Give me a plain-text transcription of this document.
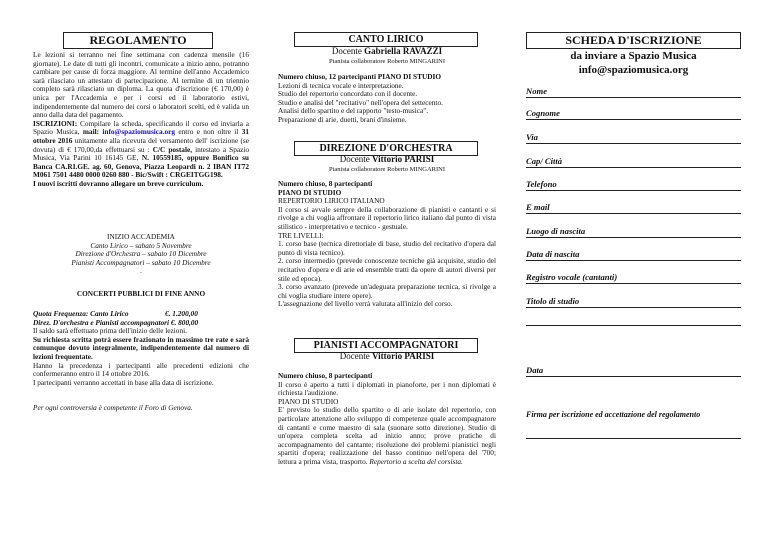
REGOLAMENTO

Le lezioni si terranno nei fine settimana con cadenza mensile (16 giornate). Le date di tutti gli incontri, comunicate a inizio anno, potranno cambiare per cause di forza maggiore. Al termine dell'anno Accademico sarà rilasciato un attestato di partecipazione. Al termine di un triennio completo sarà rilasciato un diploma. La quota d'iscrizione (€ 170,00) è unica per l'Accademia e per i corsi ed il laboratorio estivi, indipendentemente dal numero dei corsi o laboratori scelti, ed è valida un anno dalla data del pagamento.

ISCRIZIONI: Compilare la scheda, specificando il corso ed inviarla a Spazio Musica, mail: info@spaziomusica.org entro e non oltre il 31 ottobre 2016 unitamente alla ricevuta del versamento dell' iscrizione (se dovuta) di € 170,00,da effettuarsi su : C/C postale, intestato a Spazio Musica, Via Parini 10 16145 GE, N. 10559185, oppure Bonifico su Banca CA.RI.GE. ag. 60, Genova, Piazza Leopardi n. 2 IBAN IT72 M061 7501 4480 0000 0260 880 - Bic/Swift : CRGEITGG198.

I nuovi iscritti dovranno allegare un breve curriculum.

INIZIO ACCADEMIA

Canto Lirico – sabato 5 Novembre

Direzione d'Orchestra – sabato 10 Dicembre

Pianisti Accompagnatori – sabato 10 Dicembre

.

CONCERTI PUBBLICI DI FINE ANNO

Quota Frequenza: Canto Lirico	€. 1.200,00

Direz. D'orchestra e Pianisti accompagnatori €. 800,00

Il saldo sarà effettuato prima dell'inizio delle lezioni.

Su richiesta scritta potrà essere frazionato in massimo tre rate e sarà comunque dovuto integralmente, indipendentemente dal numero di lezioni frequentate.

Hanno la precedenza i partecipanti alle precedenti edizioni che confermeranno entro il 14 ottobre 2016.

I partecipanti verranno accettati in base alla data di iscrizione.

Per ogni controversia è competente il Foro di Genova.
CANTO LIRICO
Docente Gabriella RAVAZZI
Pianista collaboratore Roberto MINGARINI

Numero chiuso, 12 partecipanti PIANO DI STUDIO

Lezioni di tecnica vocale e interpretazione.

Studio del repertorio concordato con il docente.

Studio e analisi del "recitativo" nell'opera del settecento.

Analisi dello spartito e del rapporto "testo-musica".

Preparazione di arie, duetti, brani d'insieme.

DIREZIONE D'ORCHESTRA
Docente Vittorio PARISI
Pianista collaboratore Roberto MINGARINI

Numero chiuso, 8 partecipanti

PIANO DI STUDIO

REPERTORIO LIRICO ITALIANO

Il corso si avvale sempre della collaborazione di pianisti e cantanti e si rivolge a chi voglia affrontare il repertorio lirico italiano dal punto di vista stilistico - interpretativo e tecnico - gestuale.

TRE LIVELLI:

1. corso base (tecnica direttoriale di base, studio del recitativo d'opera dal punto di vista tecnico).

2. corso intermedio (prevede conoscenze tecniche già acquisite, studio del recitativo d'opera e di arie ed ensemble tratti da opere di autori diversi per stile ed epoca).

3. corso avanzato (prevede un'adeguata preparazione tecnica, si rivolge a chi voglia studiare intere opere).

L'assegnazione del livello verrà valutata all'inizio del corso.

PIANISTI ACCOMPAGNATORI
Docente Vittorio PARISI

Numero chiuso, 8 partecipanti

Il corso è aperto a tutti i diplomati in pianoforte, per i non diplomati è richiesta l'audizione.

PIANO DI STUDIO

E' previsto lo studio dello spartito o di arie isolate del repertorio, con particolare attenzione allo sviluppo di competenze quale accompagnatore di cantanti e come maestro di sala (suonare sotto direzione). Studio di un'opera completa scelta ad inizio anno; prove pratiche di accompagnamento del cantante; risoluzione dei problemi pianistici negli spartiti d'opera; realizzazione del basso continuo nell'opera del '700; lettura a prima vista, trasporto. Repertorio a scelta del corsista.

SCHEDA D'ISCRIZIONE
da inviare a Spazio Musica
info@spaziomusica.org
Nome
Cognome
Via
Cap/ Città
Telefono
E mail
Luogo di nascita
Data di nascita
Registro vocale (cantanti)
Titolo di studio
Data
Firma per iscrizione ed accettazione del regolamento
